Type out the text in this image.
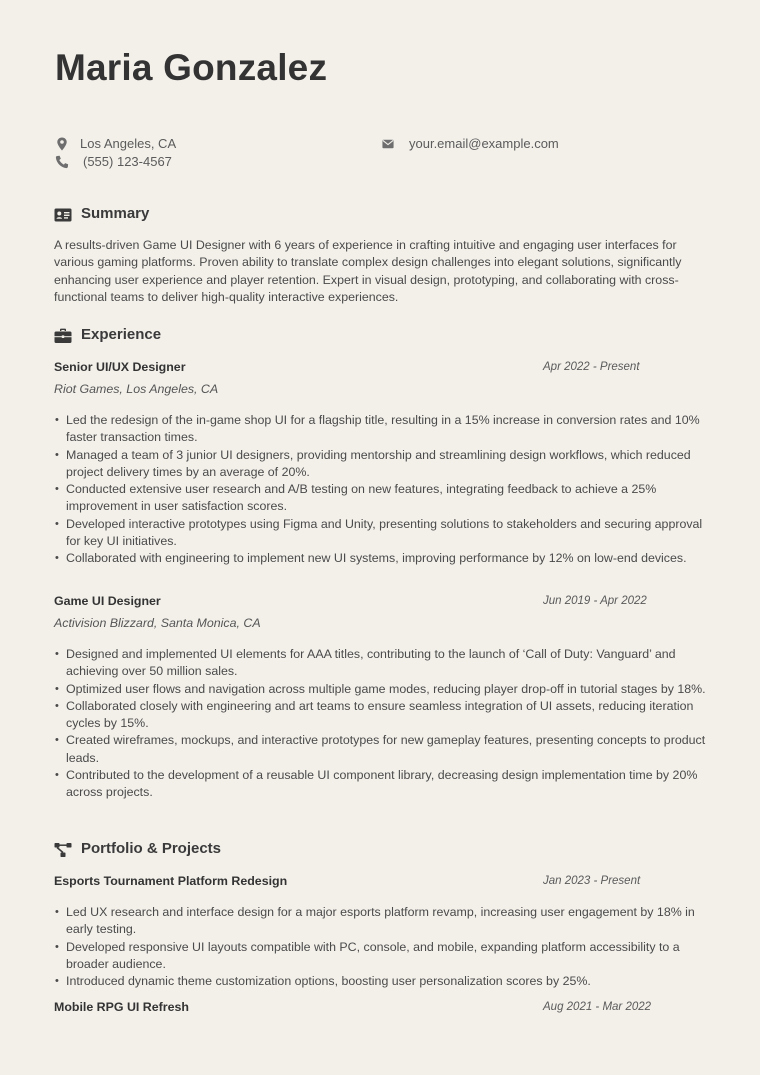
Maria Gonzalez
Los Angeles, CA
(555) 123-4567
your.email@example.com
Summary

A results-driven Game UI Designer with 6 years of experience in crafting intuitive and engaging user interfaces for various gaming platforms. Proven ability to translate complex design challenges into elegant solutions, significantly enhancing user experience and player retention. Expert in visual design, prototyping, and collaborating with cross-functional teams to deliver high-quality interactive experiences.

Experience
Senior UI/UX Designer	Apr 2022 - Present
Riot Games, Los Angeles, CA
• Led the redesign of the in-game shop UI for a flagship title, resulting in a 15% increase in conversion rates and 10% faster transaction times.
• Managed a team of 3 junior UI designers, providing mentorship and streamlining design workflows, which reduced project delivery times by an average of 20%.
• Conducted extensive user research and A/B testing on new features, integrating feedback to achieve a 25% improvement in user satisfaction scores.
• Developed interactive prototypes using Figma and Unity, presenting solutions to stakeholders and securing approval for key UI initiatives.
• Collaborated with engineering to implement new UI systems, improving performance by 12% on low-end devices.
Game UI Designer	Jun 2019 - Apr 2022
Activision Blizzard, Santa Monica, CA
• Designed and implemented UI elements for AAA titles, contributing to the launch of ‘Call of Duty: Vanguard’ and achieving over 50 million sales.
• Optimized user flows and navigation across multiple game modes, reducing player drop-off in tutorial stages by 18%.
• Collaborated closely with engineering and art teams to ensure seamless integration of UI assets, reducing iteration cycles by 15%.
• Created wireframes, mockups, and interactive prototypes for new gameplay features, presenting concepts to product leads.
• Contributed to the development of a reusable UI component library, decreasing design implementation time by 20% across projects.
Portfolio & Projects
Esports Tournament Platform Redesign	Jan 2023 - Present
• Led UX research and interface design for a major esports platform revamp, increasing user engagement by 18% in early testing.
• Developed responsive UI layouts compatible with PC, console, and mobile, expanding platform accessibility to a broader audience.
• Introduced dynamic theme customization options, boosting user personalization scores by 25%.
Mobile RPG UI Refresh	Aug 2021 - Mar 2022
